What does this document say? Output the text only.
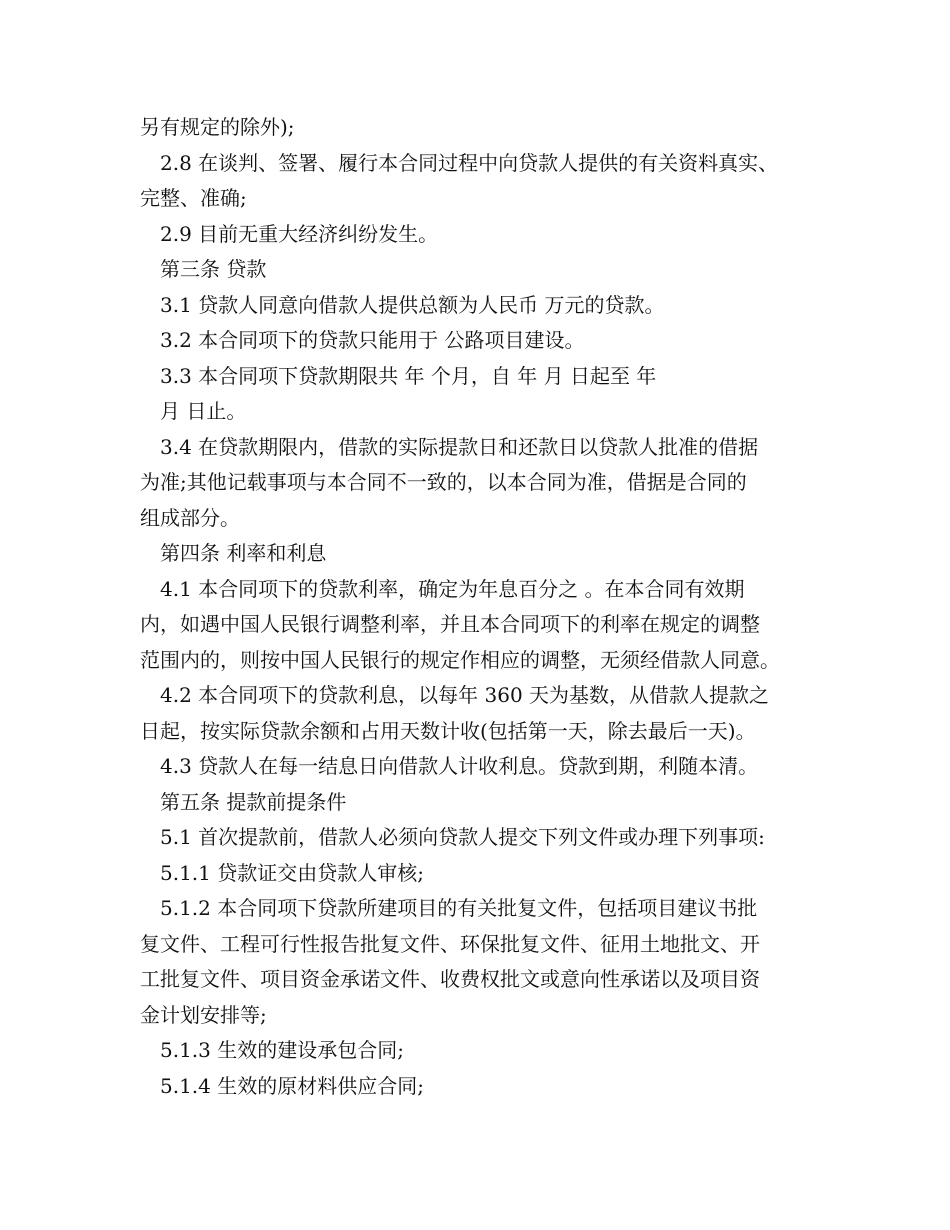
另有规定的除外);
2.8 在谈判、签署、履行本合同过程中向贷款人提供的有关资料真实、
完整、准确;
2.9 目前无重大经济纠纷发生。
第三条 贷款
3.1 贷款人同意向借款人提供总额为人民币 万元的贷款。
3.2 本合同项下的贷款只能用于 公路项目建设。
3.3 本合同项下贷款期限共 年 个月，自 年 月 日起至 年
月 日止。
3.4 在贷款期限内，借款的实际提款日和还款日以贷款人批准的借据
为准;其他记载事项与本合同不一致的，以本合同为准，借据是合同的
组成部分。
第四条 利率和利息
4.1 本合同项下的贷款利率，确定为年息百分之 。在本合同有效期
内，如遇中国人民银行调整利率，并且本合同项下的利率在规定的调整
范围内的，则按中国人民银行的规定作相应的调整，无须经借款人同意。
4.2 本合同项下的贷款利息，以每年 360 天为基数，从借款人提款之
日起，按实际贷款余额和占用天数计收(包括第一天，除去最后一天)。
4.3 贷款人在每一结息日向借款人计收利息。贷款到期，利随本清。
第五条 提款前提条件
5.1 首次提款前，借款人必须向贷款人提交下列文件或办理下列事项:
5.1.1 贷款证交由贷款人审核;
5.1.2 本合同项下贷款所建项目的有关批复文件，包括项目建议书批
复文件、工程可行性报告批复文件、环保批复文件、征用土地批文、开
工批复文件、项目资金承诺文件、收费权批文或意向性承诺以及项目资
金计划安排等;
5.1.3 生效的建设承包合同;
5.1.4 生效的原材料供应合同;
